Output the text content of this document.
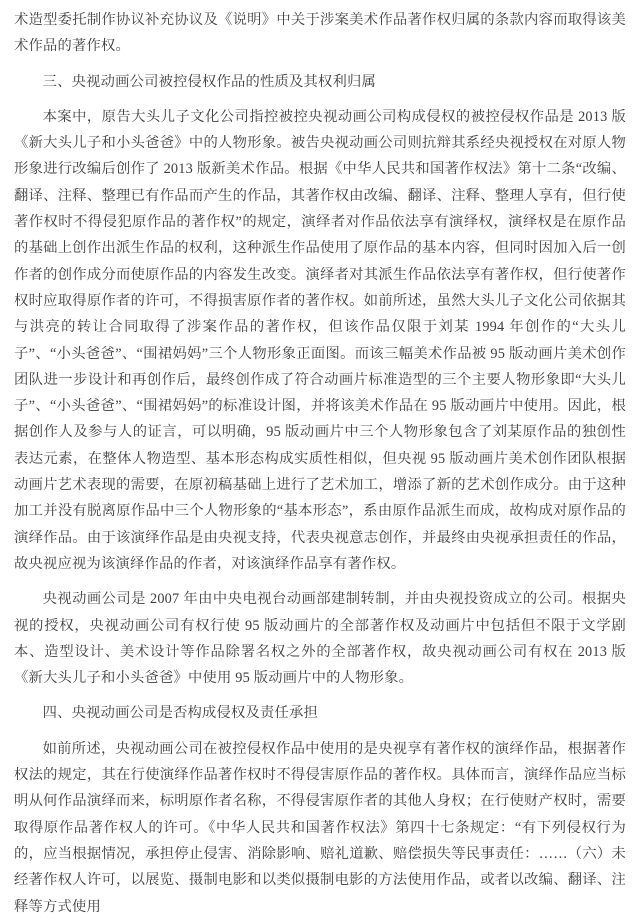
术造型委托制作协议补充协议及《说明》中关于涉案美术作品著作权归属的条款内容而取得该美术作品的著作权。

三、央视动画公司被控侵权作品的性质及其权利归属

本案中，原告大头儿子文化公司指控被控央视动画公司构成侵权的被控侵权作品是 2013 版《新大头儿子和小头爸爸》中的人物形象。被告央视动画公司则抗辩其系经央视授权在对原人物形象进行改编后创作了 2013 版新美术作品。根据《中华人民共和国著作权法》第十二条“改编、翻译、注释、整理已有作品而产生的作品，其著作权由改编、翻译、注释、整理人享有，但行使著作权时不得侵犯原作品的著作权”的规定，演绎者对作品依法享有演绎权，演绎权是在原作品的基础上创作出派生作品的权利，这种派生作品使用了原作品的基本内容，但同时因加入后一创作者的创作成分而使原作品的内容发生改变。演绎者对其派生作品依法享有著作权，但行使著作权时应取得原作者的许可，不得损害原作者的著作权。如前所述，虽然大头儿子文化公司依据其与洪亮的转让合同取得了涉案作品的著作权，但该作品仅限于刘某 1994 年创作的“大头儿子”、“小头爸爸”、“围裙妈妈”三个人物形象正面图。而该三幅美术作品被 95 版动画片美术创作团队进一步设计和再创作后，最终创作成了符合动画片标准造型的三个主要人物形象即“大头儿子”、“小头爸爸”、“围裙妈妈”的标准设计图，并将该美术作品在 95 版动画片中使用。因此，根据创作人及参与人的证言，可以明确，95 版动画片中三个人物形象包含了刘某原作品的独创性表达元素，在整体人物造型、基本形态构成实质性相似，但央视 95 版动画片美术创作团队根据动画片艺术表现的需要，在原初稿基础上进行了艺术加工，增添了新的艺术创作成分。由于这种加工并没有脱离原作品中三个人物形象的“基本形态”，系由原作品派生而成，故构成对原作品的演绎作品。由于该演绎作品是由央视支持，代表央视意志创作，并最终由央视承担责任的作品，故央视应视为该演绎作品的作者，对该演绎作品享有著作权。

央视动画公司是 2007 年由中央电视台动画部建制转制，并由央视投资成立的公司。根据央视的授权，央视动画公司有权行使 95 版动画片的全部著作权及动画片中包括但不限于文学剧本、造型设计、美术设计等作品除署名权之外的全部著作权，故央视动画公司有权在 2013 版《新大头儿子和小头爸爸》中使用 95 版动画片中的人物形象。

四、央视动画公司是否构成侵权及责任承担

如前所述，央视动画公司在被控侵权作品中使用的是央视享有著作权的演绎作品，根据著作权法的规定，其在行使演绎作品著作权时不得侵害原作品的著作权。具体而言，演绎作品应当标明从何作品演绎而来，标明原作者名称，不得侵害原作者的其他人身权；在行使财产权时，需要取得原作品著作权人的许可。《中华人民共和国著作权法》第四十七条规定：“有下列侵权行为的，应当根据情况，承担停止侵害、消除影响、赔礼道歉、赔偿损失等民事责任：……（六）未经著作权人许可，以展览、摄制电影和以类似摄制电影的方法使用作品，或者以改编、翻译、注释等方式使用
